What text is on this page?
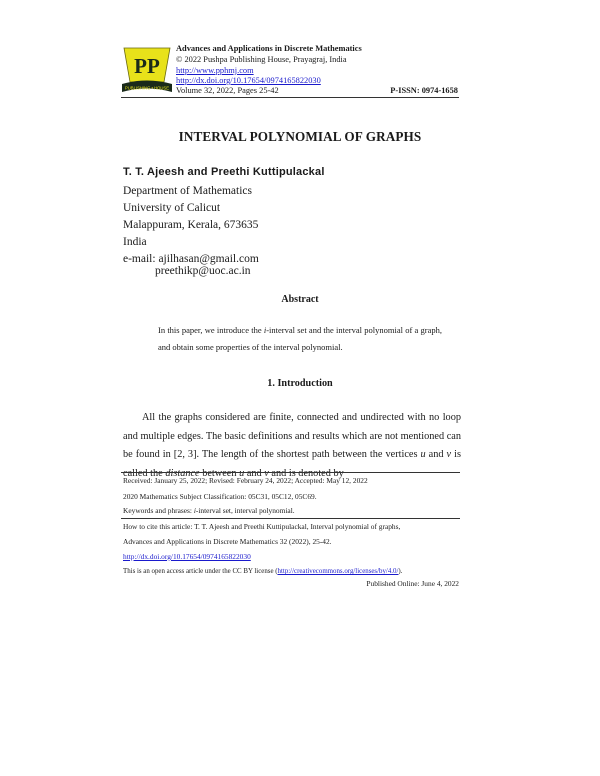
PP
PUBLISHING • HOUSE
Advances and Applications in Discrete Mathematics
© 2022 Pushpa Publishing House, Prayagraj, India
http://www.pphmj.com
http://dx.doi.org/10.17654/0974165822030
Volume 32, 2022, Pages 25-42	P-ISSN: 0974-1658
INTERVAL POLYNOMIAL OF GRAPHS
T. T. Ajeesh and Preethi Kuttipulackal
Department of Mathematics
University of Calicut
Malappuram, Kerala, 673635
India
e-mail: ajilhasan@gmail.com
preethikp@uoc.ac.in
Abstract
In this paper, we introduce the i-interval set and the interval polynomial of a graph, and obtain some properties of the interval polynomial.
1. Introduction
All the graphs considered are finite, connected and undirected with no loop and multiple edges. The basic definitions and results which are not mentioned can be found in [2, 3]. The length of the shortest path between the vertices u and v is called the distance between u and v and is denoted by
Received: January 25, 2022; Revised: February 24, 2022; Accepted: May 12, 2022
2020 Mathematics Subject Classification: 05C31, 05C12, 05C69.
Keywords and phrases: i-interval set, interval polynomial.
How to cite this article: T. T. Ajeesh and Preethi Kuttipulackal, Interval polynomial of graphs,
Advances and Applications in Discrete Mathematics 32 (2022), 25-42.
http://dx.doi.org/10.17654/0974165822030
This is an open access article under the CC BY license (http://creativecommons.org/licenses/by/4.0/).
Published Online: June 4, 2022
